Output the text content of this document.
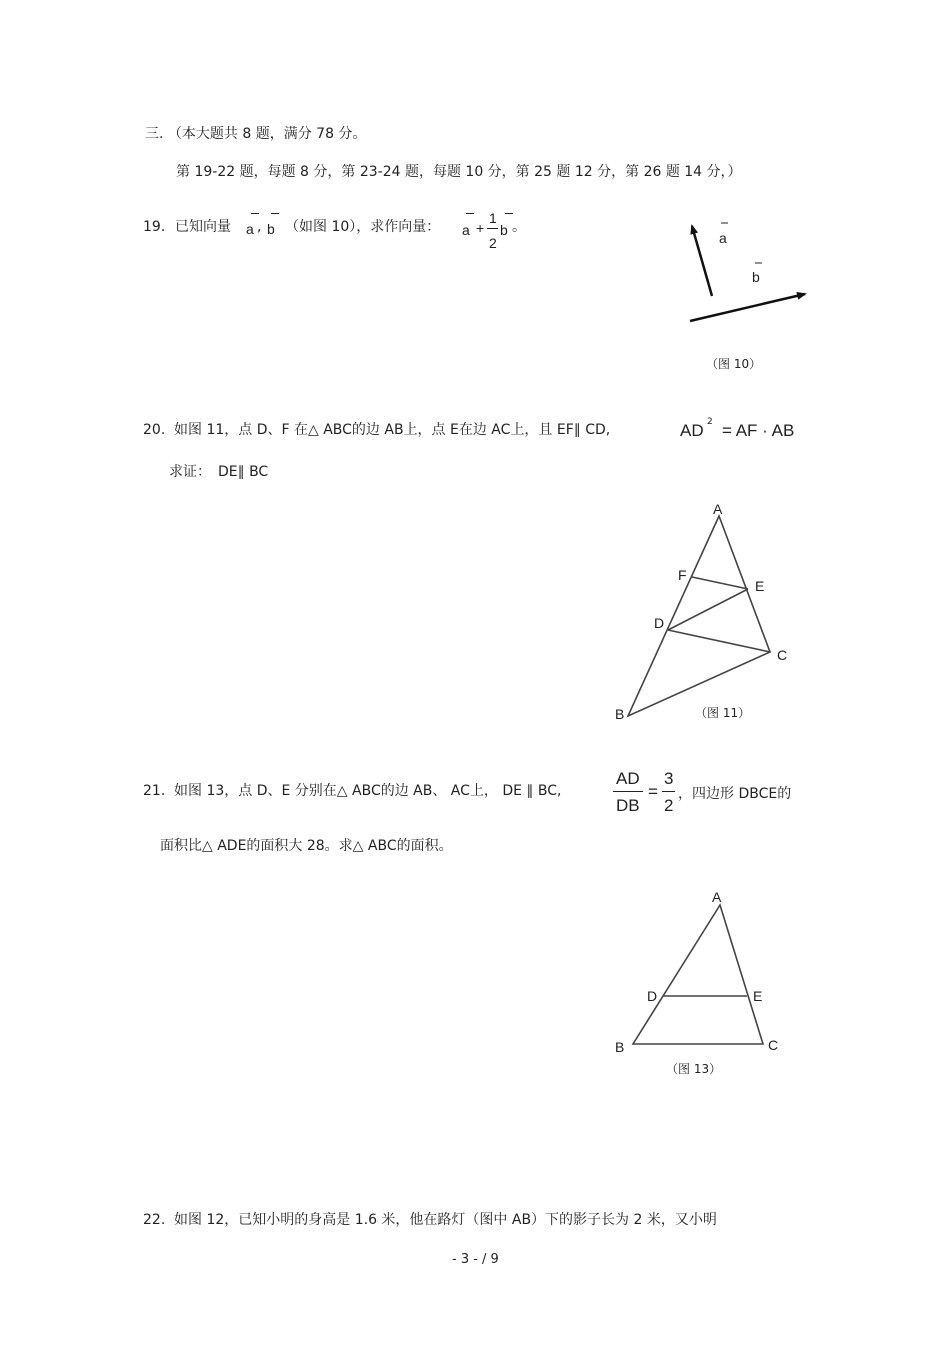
三. （本大题共 8 题，满分 78 分。
第 19-22 题，每题 8 分，第 23-24 题，每题 10 分，第 25 题 12 分，第 26 题 14 分，）
19. 已知向量 a , b （如图 10），求作向量： a +
1
2
b 。
a
b
（图 10）
20. 如图 11，点 D、F 在△ ABC的边 AB上，点 E在边 AC上，且 EF∥ CD,	AD 2 = AF · AB
求证： DE∥ BC
A
F
E
D
C
B	（图 11）
21. 如图 13，点 D、E 分别在△ ABC的边 AB、 AC上， DE ∥ BC,
AD
DB
=
3
2
，四边形 DBCE的
面积比△ ADE的面积大 28。求△ ABC的面积。
A
D	E
B	C
（图 13）
22. 如图 12，已知小明的身高是 1.6 米，他在路灯（图中 AB）下的影子长为 2 米，又小明
- 3 - / 9
